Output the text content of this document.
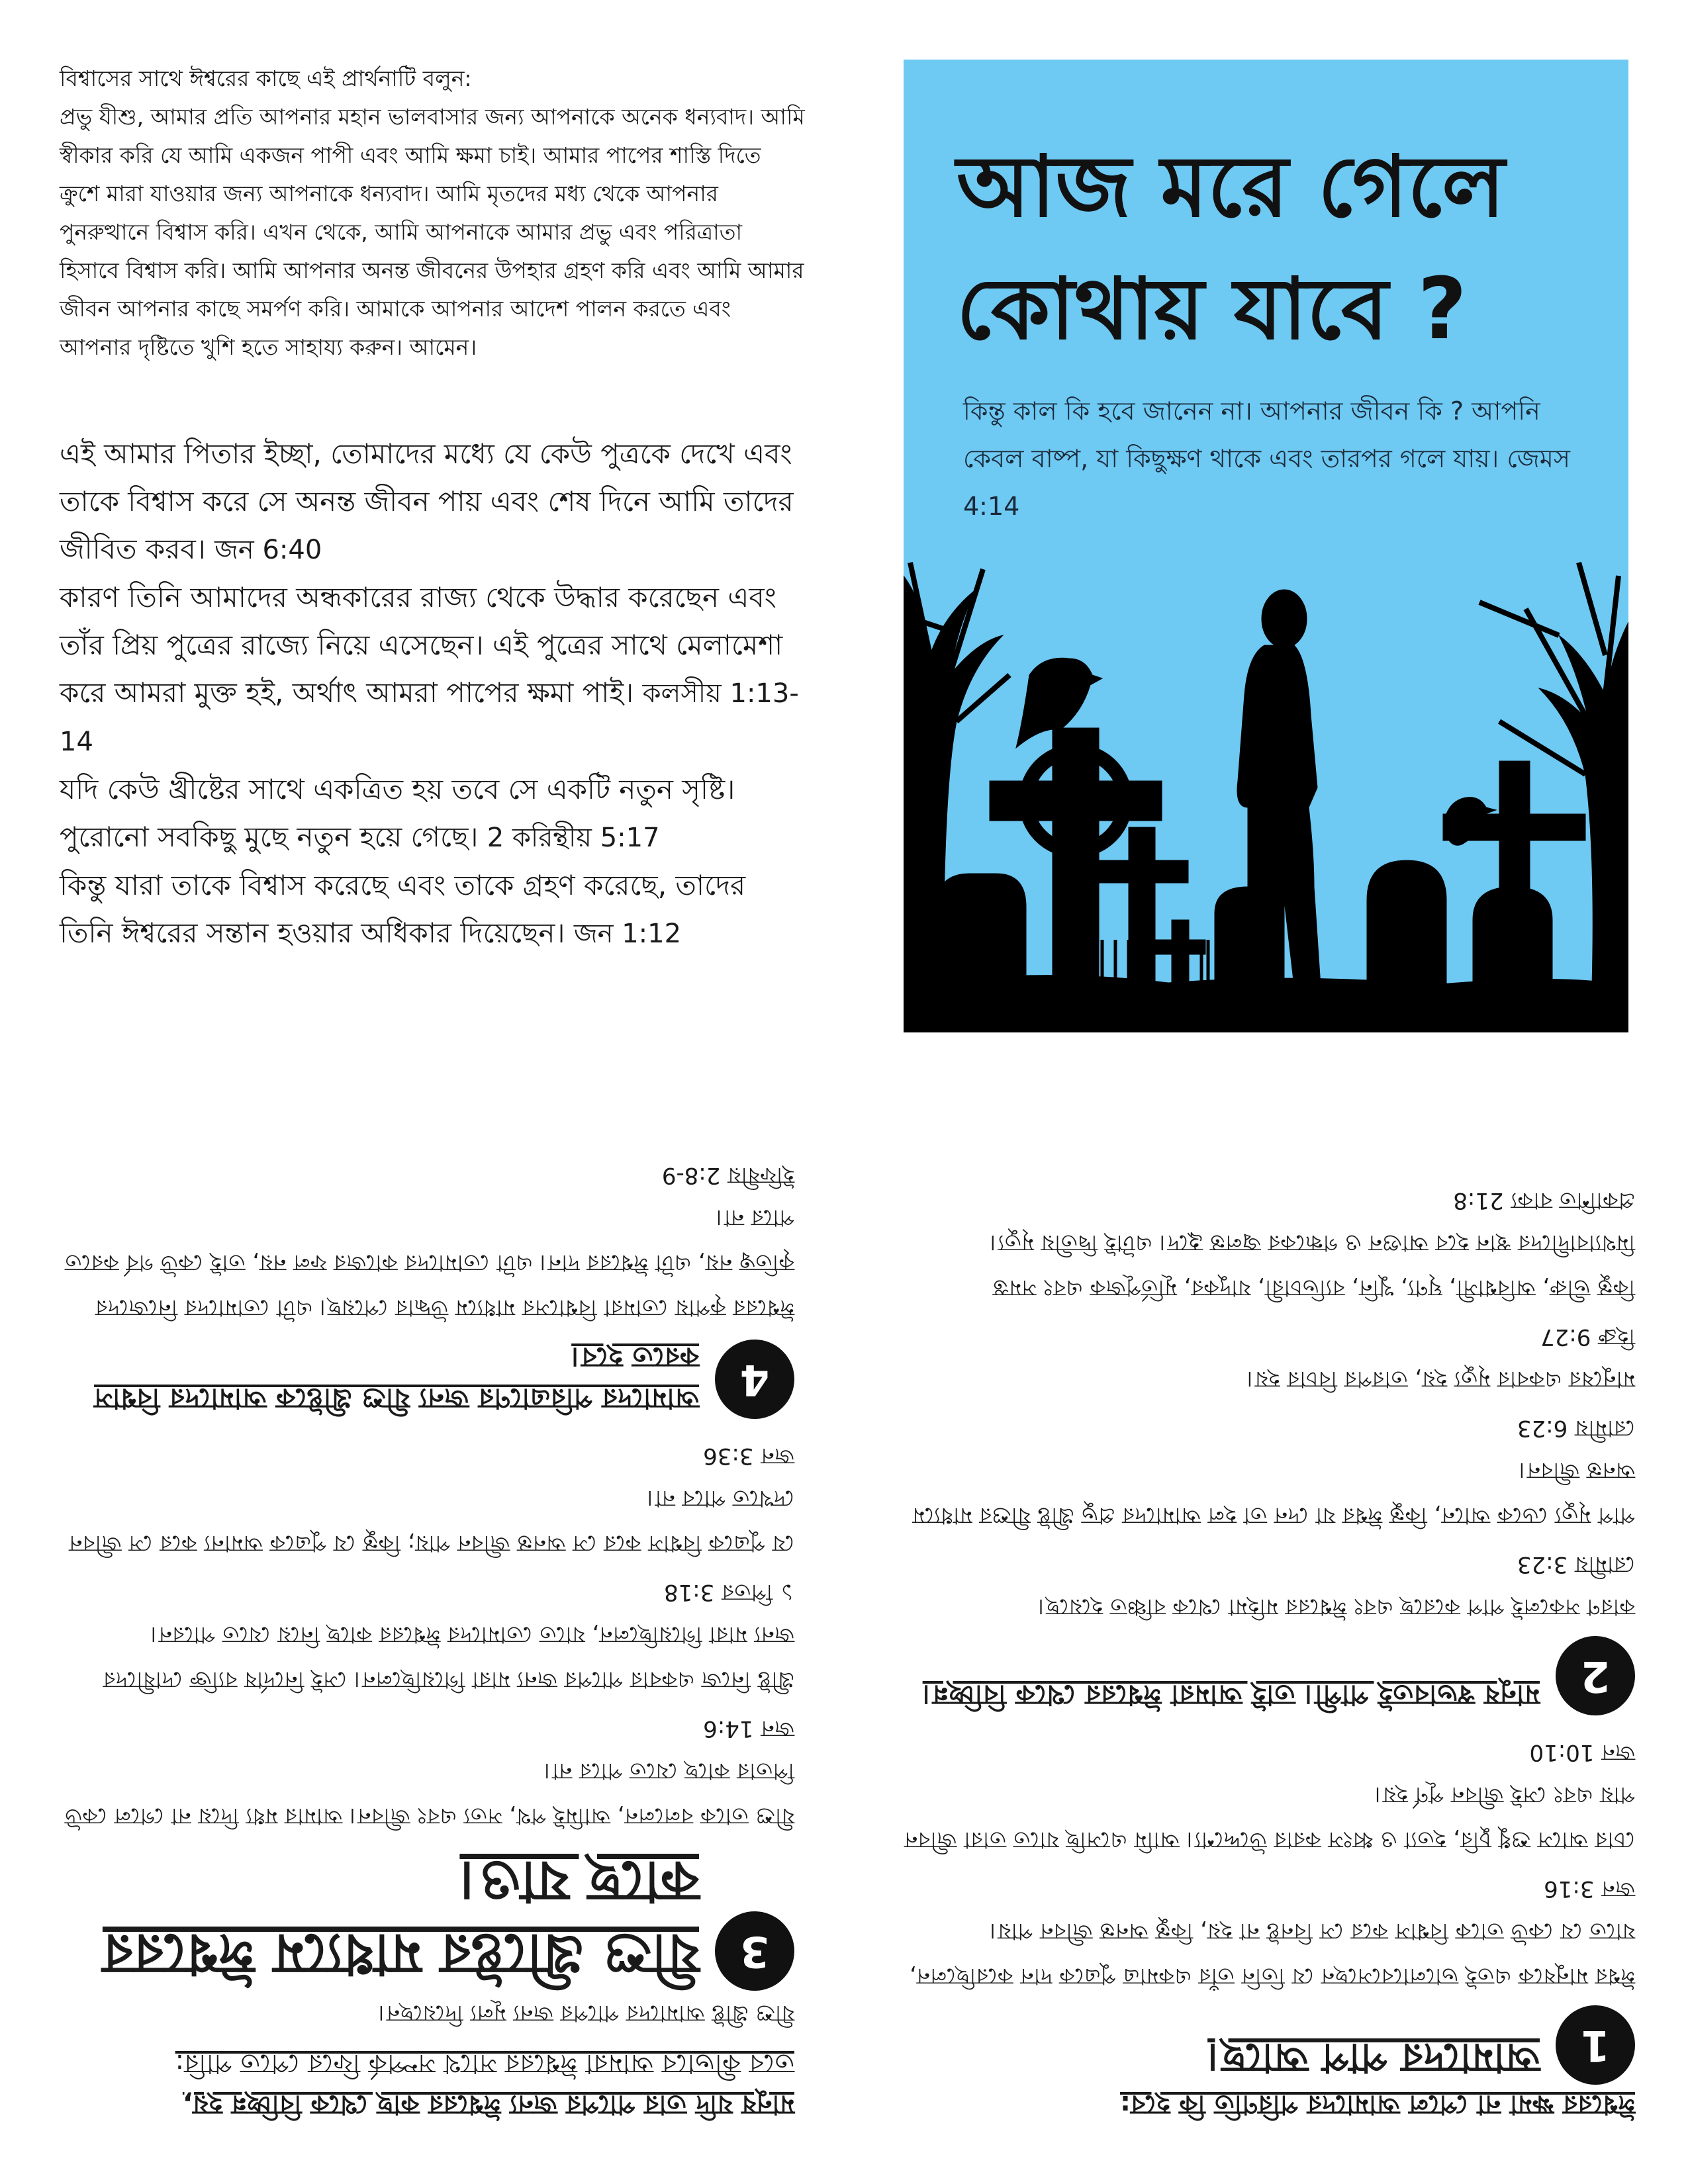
বিশ্বাসের সাথে ঈশ্বরের কাছে এই প্রার্থনাটি বলুন:

প্রভু যীশু, আমার প্রতি আপনার মহান ভালবাসার জন্য আপনাকে অনেক ধন্যবাদ। আমি স্বীকার করি যে আমি একজন পাপী এবং আমি ক্ষমা চাই। আমার পাপের শাস্তি দিতে ক্রুশে মারা যাওয়ার জন্য আপনাকে ধন্যবাদ। আমি মৃতদের মধ্য থেকে আপনার পুনরুত্থানে বিশ্বাস করি। এখন থেকে, আমি আপনাকে আমার প্রভু এবং পরিত্রাতা হিসাবে বিশ্বাস করি। আমি আপনার অনন্ত জীবনের উপহার গ্রহণ করি এবং আমি আমার জীবন আপনার কাছে সমর্পণ করি। আমাকে আপনার আদেশ পালন করতে এবং আপনার দৃষ্টিতে খুশি হতে সাহায্য করুন। আমেন।

এই আমার পিতার ইচ্ছা, তোমাদের মধ্যে যে কেউ পুত্রকে দেখে এবং তাকে বিশ্বাস করে সে অনন্ত জীবন পায় এবং শেষ দিনে আমি তাদের জীবিত করব। জন 6:40

কারণ তিনি আমাদের অন্ধকারের রাজ্য থেকে উদ্ধার করেছেন এবং তাঁর প্রিয় পুত্রের রাজ্যে নিয়ে এসেছেন। এই পুত্রের সাথে মেলামেশা করে আমরা মুক্ত হই, অর্থাৎ আমরা পাপের ক্ষমা পাই। কলসীয় 1:13-14

যদি কেউ খ্রীষ্টের সাথে একত্রিত হয় তবে সে একটি নতুন সৃষ্টি। পুরোনো সবকিছু মুছে নতুন হয়ে গেছে। 2 করিন্থীয় 5:17

কিন্তু যারা তাকে বিশ্বাস করেছে এবং তাকে গ্রহণ করেছে, তাদের তিনি ঈশ্বরের সন্তান হওয়ার অধিকার দিয়েছেন। জন 1:12

আজ মরে গেলে
কোথায় যাবে ?

কিন্তু কাল কি হবে জানেন না। আপনার জীবন কি ? আপনি কেবল বাষ্প, যা কিছুক্ষণ থাকে এবং তারপর গলে যায়। জেমস 4:14

ঈশ্বরের ক্ষমা না পেলে আমাদের পরিণতি কি হবে:

1

আমাদের পাপ আছে।

ঈশ্বর মানুষকে এতই ভালোবেসেছেন যে তিনি তাঁর একমাত্র পুত্রকে দান করেছিলেন, যাতে যে কেউ তাকে বিশ্বাস করে সে বিনষ্ট না হয়, কিন্তু অনন্ত জীবন পায়।

জন 3:16

চোর আসে শুধু চুরি, হত্যা ও ধ্বংস করার উদ্দেশ্যে। আমি এসেছি যাতে তারা জীবন পায় এবং সেই জীবন পূর্ণ হয়।

জন 10:10

2

মানুষ স্বভাবতই পাপী। তাই আমরা ঈশ্বরের থেকে বিচ্ছিন্ন।

কারণ সকলেই পাপ করেছে এবং ঈশ্বরের মহিমা থেকে বঞ্চিত হয়েছে।

রোমীয় 3:23

পাপ মৃত্যু ডেকে আনে, কিন্তু ঈশ্বর যা দেন তা হল আমাদের প্রভু খ্রীষ্ট যীশুর মাধ্যমে অনন্ত জীবন।

রোমীয় 6:23

মানুষের একবার মৃত্যু হয়, তারপর বিচার হয়।

হিব্রু 9:27

কিন্তু ভীরু, অবিশ্বাসী, ঘৃণ্য, খুনি, ব্যভিচারী, যাদুকর, মূর্তিপূজক এবং সমস্ত মিথ্যাবাদীদের স্থান হবে আগুন ও গন্ধকের জ্বলন্ত হ্রদে। এটাই দ্বিতীয় মৃত্যু।

প্রকাশিত বাক্য 21:8

মানুষ যদি তার পাপের জন্য ঈশ্বরের কাছ থেকে বিচ্ছিন্ন হয়,

তবে কীভাবে আমরা ঈশ্বরের সাথে সম্পর্ক ফিরে পেতে পারি:

যীশু খ্রীষ্ট আমাদের পাপের জন্য মূল্য দিয়েছেন।

3

যীশু খ্রীষ্টের মাধ্যমে ঈশ্বরের কাছে যাও।

যীশু তাকে বললেন, আমিই পথ, সত্য এবং জীবন। আমার মধ্য দিয়ে না গেলে কেউ পিতার কাছে যেতে পারে না।

জন 14:6

খ্রীষ্ট নিজে একবার পাপের জন্য মারা গিয়েছিলেন। সেই নির্দোষ ব্যক্তি দোষীদের জন্য মারা গিয়েছিলেন, যাতে তোমাদের ঈশ্বরের কাছে নিয়ে যেতে পারেন।

১ পিতর 3:18

যে পুত্রকে বিশ্বাস করে সে অনন্ত জীবন পায়; কিন্তু যে পুত্রকে অমান্য করে সে জীবন দেখতে পাবে না।

জন 3:36

4

আমাদের পরিত্রাণের জন্য যীশু খ্রীষ্টকে আমাদের বিশ্বাস করতে হবে।

ঈশ্বরের কৃপায় তোমরা বিশ্বাসের মাধ্যমে উদ্ধার পেয়েছ। এটা তোমাদের নিজেদের কৃতিত্ব নয়, এটা ঈশ্বরের দান। এটা তোমাদের কাজের ফল নয়, তাই কেউ গর্ব করতে পারে না।

ইফিষীয় 2:8-9
